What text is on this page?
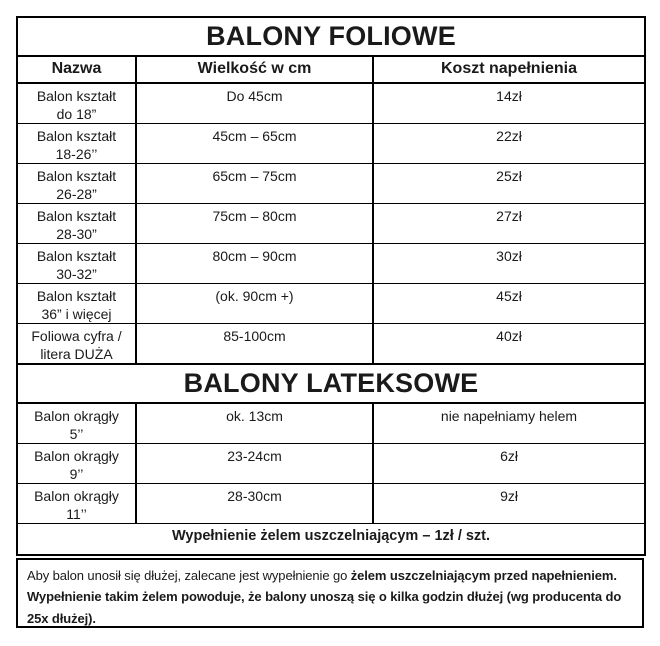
BALONY FOLIOWE		
Nazwa	Wielkość w cm	Koszt napełnienia

Balon kształt
do 18”	Do 45cm	14zł

Balon kształt
18-26’’	45cm – 65cm	22zł

Balon kształt
26-28”	65cm – 75cm	25zł

Balon kształt
28-30”	75cm – 80cm	27zł

Balon kształt
30-32”	80cm – 90cm	30zł

Balon kształt
36” i więcej	(ok. 90cm +)	45zł

Foliowa cyfra /
litera DUŻA	85-100cm	40zł
BALONY LATEKSOWE		

Balon okrągły
5’’	ok. 13cm	nie napełniamy helem

Balon okrągły
9’’	23-24cm	6zł

Balon okrągły
11’’	28-30cm	9zł
Wypełnienie żelem uszczelniającym – 1zł / szt.		
Aby balon unosił się dłużej, zalecane jest wypełnienie go żelem uszczelniającym przed napełnieniem. Wypełnienie takim żelem powoduje, że balony unoszą się o kilka godzin dłużej (wg producenta do 25x dłużej).
